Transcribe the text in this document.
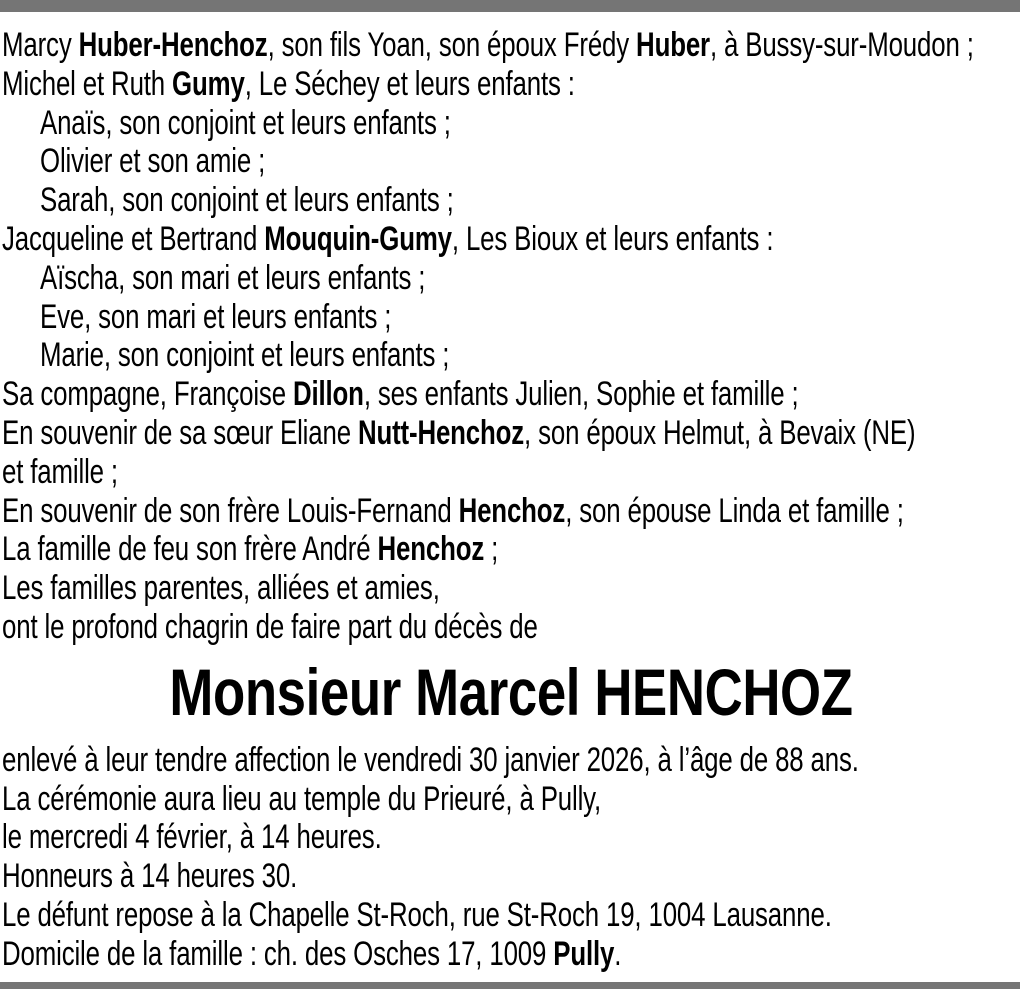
Marcy Huber-Henchoz, son fils Yoan, son époux Frédy Huber, à Bussy-sur-Moudon ;
Michel et Ruth Gumy, Le Séchey et leurs enfants :
Anaïs, son conjoint et leurs enfants ;
Olivier et son amie ;
Sarah, son conjoint et leurs enfants ;
Jacqueline et Bertrand Mouquin-Gumy, Les Bioux et leurs enfants :
Aïscha, son mari et leurs enfants ;
Eve, son mari et leurs enfants ;
Marie, son conjoint et leurs enfants ;
Sa compagne, Françoise Dillon, ses enfants Julien, Sophie et famille ;
En souvenir de sa sœur Eliane Nutt-Henchoz, son époux Helmut, à Bevaix (NE)
et famille ;
En souvenir de son frère Louis-Fernand Henchoz, son épouse Linda et famille ;
La famille de feu son frère André Henchoz ;
Les familles parentes, alliées et amies,
ont le profond chagrin de faire part du décès de
Monsieur Marcel HENCHOZ
enlevé à leur tendre affection le vendredi 30 janvier 2026, à l’âge de 88 ans.
La cérémonie aura lieu au temple du Prieuré, à Pully,
le mercredi 4 février, à 14 heures.
Honneurs à 14 heures 30.
Le défunt repose à la Chapelle St-Roch, rue St-Roch 19, 1004 Lausanne.
Domicile de la famille : ch. des Osches 17, 1009 Pully.
